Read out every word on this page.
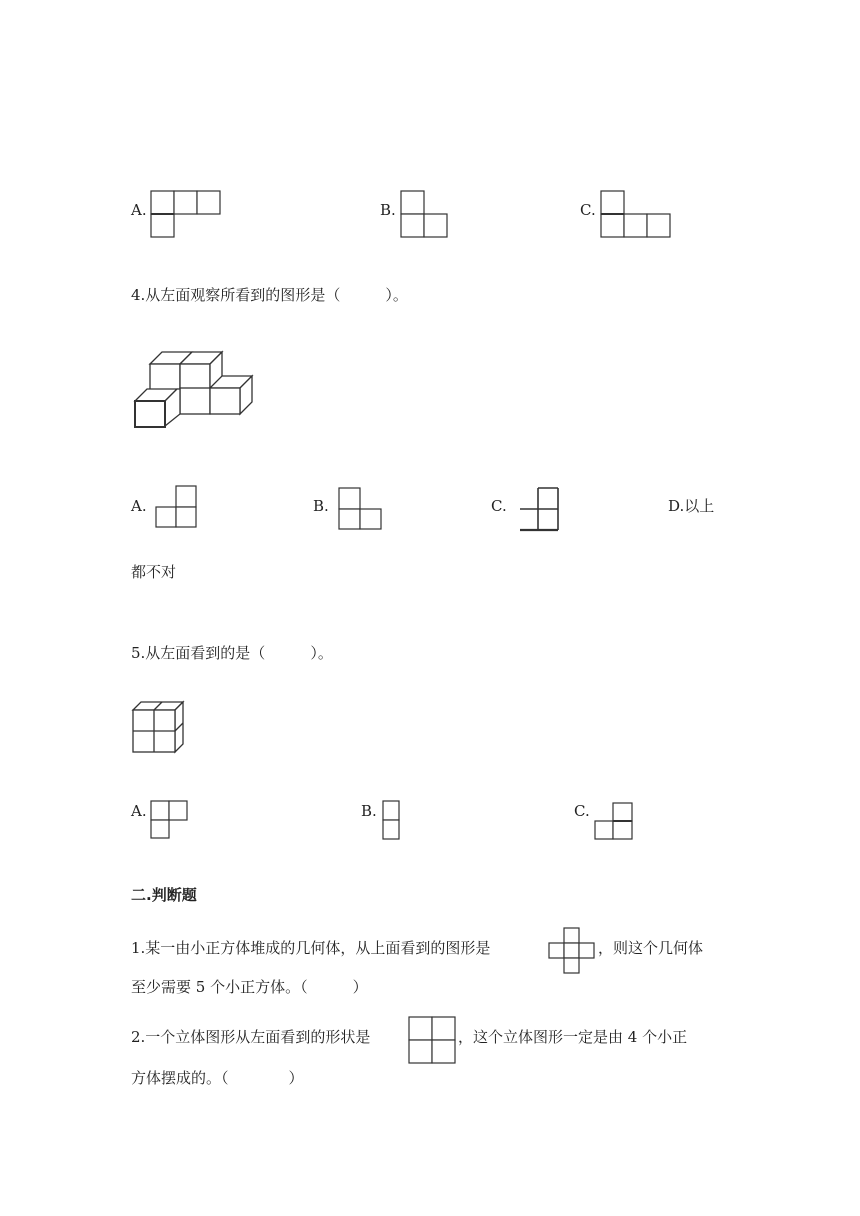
A.	B.	C.
4.从左面观察所看到的图形是（　　　）。
A.	B.	C.	D.以上
都不对
5.从左面看到的是（　　　）。
A.	B.	C.
二.判断题
1.某一由小正方体堆成的几何体，从上面看到的图形是	，则这个几何体
至少需要 5 个小正方体。（　　　）
2.一个立体图形从左面看到的形状是	，这个立体图形一定是由 4 个小正
方体摆成的。（　　　　）
